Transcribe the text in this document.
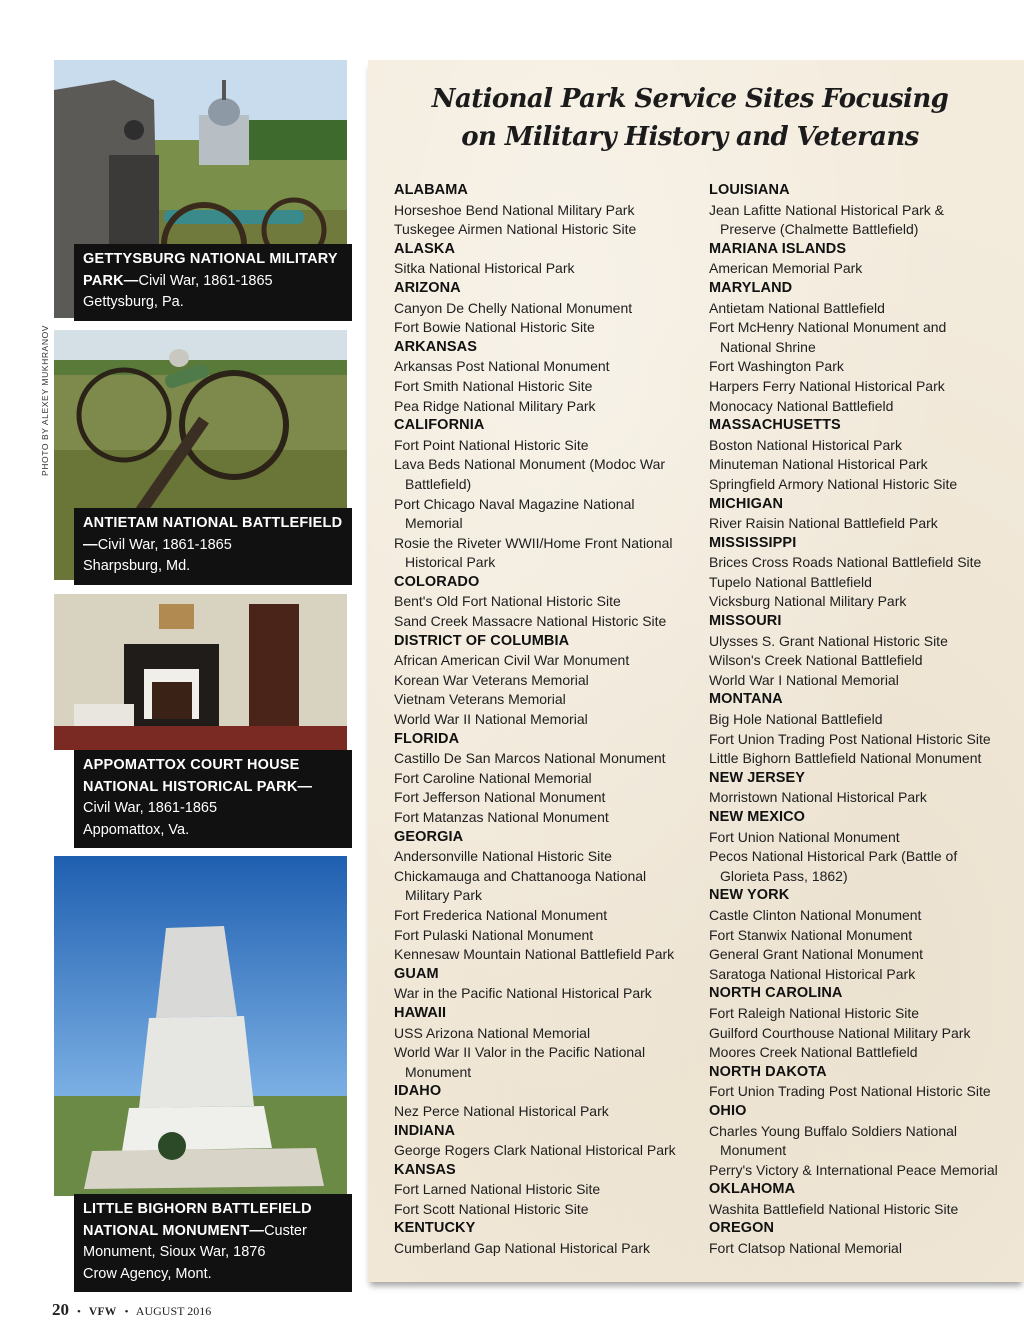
GETTYSBURG NATIONAL MILITARY PARK—Civil War, 1861-1865
Gettysburg, Pa.
ANTIETAM NATIONAL BATTLEFIELD—Civil War, 1861-1865
Sharpsburg, Md.
APPOMATTOX COURT HOUSE NATIONAL HISTORICAL PARK—
Civil War, 1861-1865
Appomattox, Va.
LITTLE BIGHORN BATTLEFIELD NATIONAL MONUMENT—Custer Monument, Sioux War, 1876
Crow Agency, Mont.
PHOTO BY ALEXEY MUKHRANOV
National Park Service Sites Focusing
on Military History and Veterans
ALABAMA
Horseshoe Bend National Military Park
Tuskegee Airmen National Historic Site
ALASKA
Sitka National Historical Park
ARIZONA
Canyon De Chelly National Monument
Fort Bowie National Historic Site
ARKANSAS
Arkansas Post National Monument
Fort Smith National Historic Site
Pea Ridge National Military Park
CALIFORNIA
Fort Point National Historic Site
Lava Beds National Monument (Modoc War
Battlefield)
Port Chicago Naval Magazine National
Memorial
Rosie the Riveter WWII/Home Front National
Historical Park
COLORADO
Bent's Old Fort National Historic Site
Sand Creek Massacre National Historic Site
DISTRICT OF COLUMBIA
African American Civil War Monument
Korean War Veterans Memorial
Vietnam Veterans Memorial
World War II National Memorial
FLORIDA
Castillo De San Marcos National Monument
Fort Caroline National Memorial
Fort Jefferson National Monument
Fort Matanzas National Monument
GEORGIA
Andersonville National Historic Site
Chickamauga and Chattanooga National
Military Park
Fort Frederica National Monument
Fort Pulaski National Monument
Kennesaw Mountain National Battlefield Park
GUAM
War in the Pacific National Historical Park
HAWAII
USS Arizona National Memorial
World War II Valor in the Pacific National
Monument
IDAHO
Nez Perce National Historical Park
INDIANA
George Rogers Clark National Historical Park
KANSAS
Fort Larned National Historic Site
Fort Scott National Historic Site
KENTUCKY
Cumberland Gap National Historical Park
LOUISIANA
Jean Lafitte National Historical Park &
Preserve (Chalmette Battlefield)
MARIANA ISLANDS
American Memorial Park
MARYLAND
Antietam National Battlefield
Fort McHenry National Monument and
National Shrine
Fort Washington Park
Harpers Ferry National Historical Park
Monocacy National Battlefield
MASSACHUSETTS
Boston National Historical Park
Minuteman National Historical Park
Springfield Armory National Historic Site
MICHIGAN
River Raisin National Battlefield Park
MISSISSIPPI
Brices Cross Roads National Battlefield Site
Tupelo National Battlefield
Vicksburg National Military Park
MISSOURI
Ulysses S. Grant National Historic Site
Wilson's Creek National Battlefield
World War I National Memorial
MONTANA
Big Hole National Battlefield
Fort Union Trading Post National Historic Site
Little Bighorn Battlefield National Monument
NEW JERSEY
Morristown National Historical Park
NEW MEXICO
Fort Union National Monument
Pecos National Historical Park (Battle of
Glorieta Pass, 1862)
NEW YORK
Castle Clinton National Monument
Fort Stanwix National Monument
General Grant National Monument
Saratoga National Historical Park
NORTH CAROLINA
Fort Raleigh National Historic Site
Guilford Courthouse National Military Park
Moores Creek National Battlefield
NORTH DAKOTA
Fort Union Trading Post National Historic Site
OHIO
Charles Young Buffalo Soldiers National
Monument
Perry's Victory & International Peace Memorial
OKLAHOMA
Washita Battlefield National Historic Site
OREGON
Fort Clatsop National Memorial
20 • VFW • AUGUST 2016
